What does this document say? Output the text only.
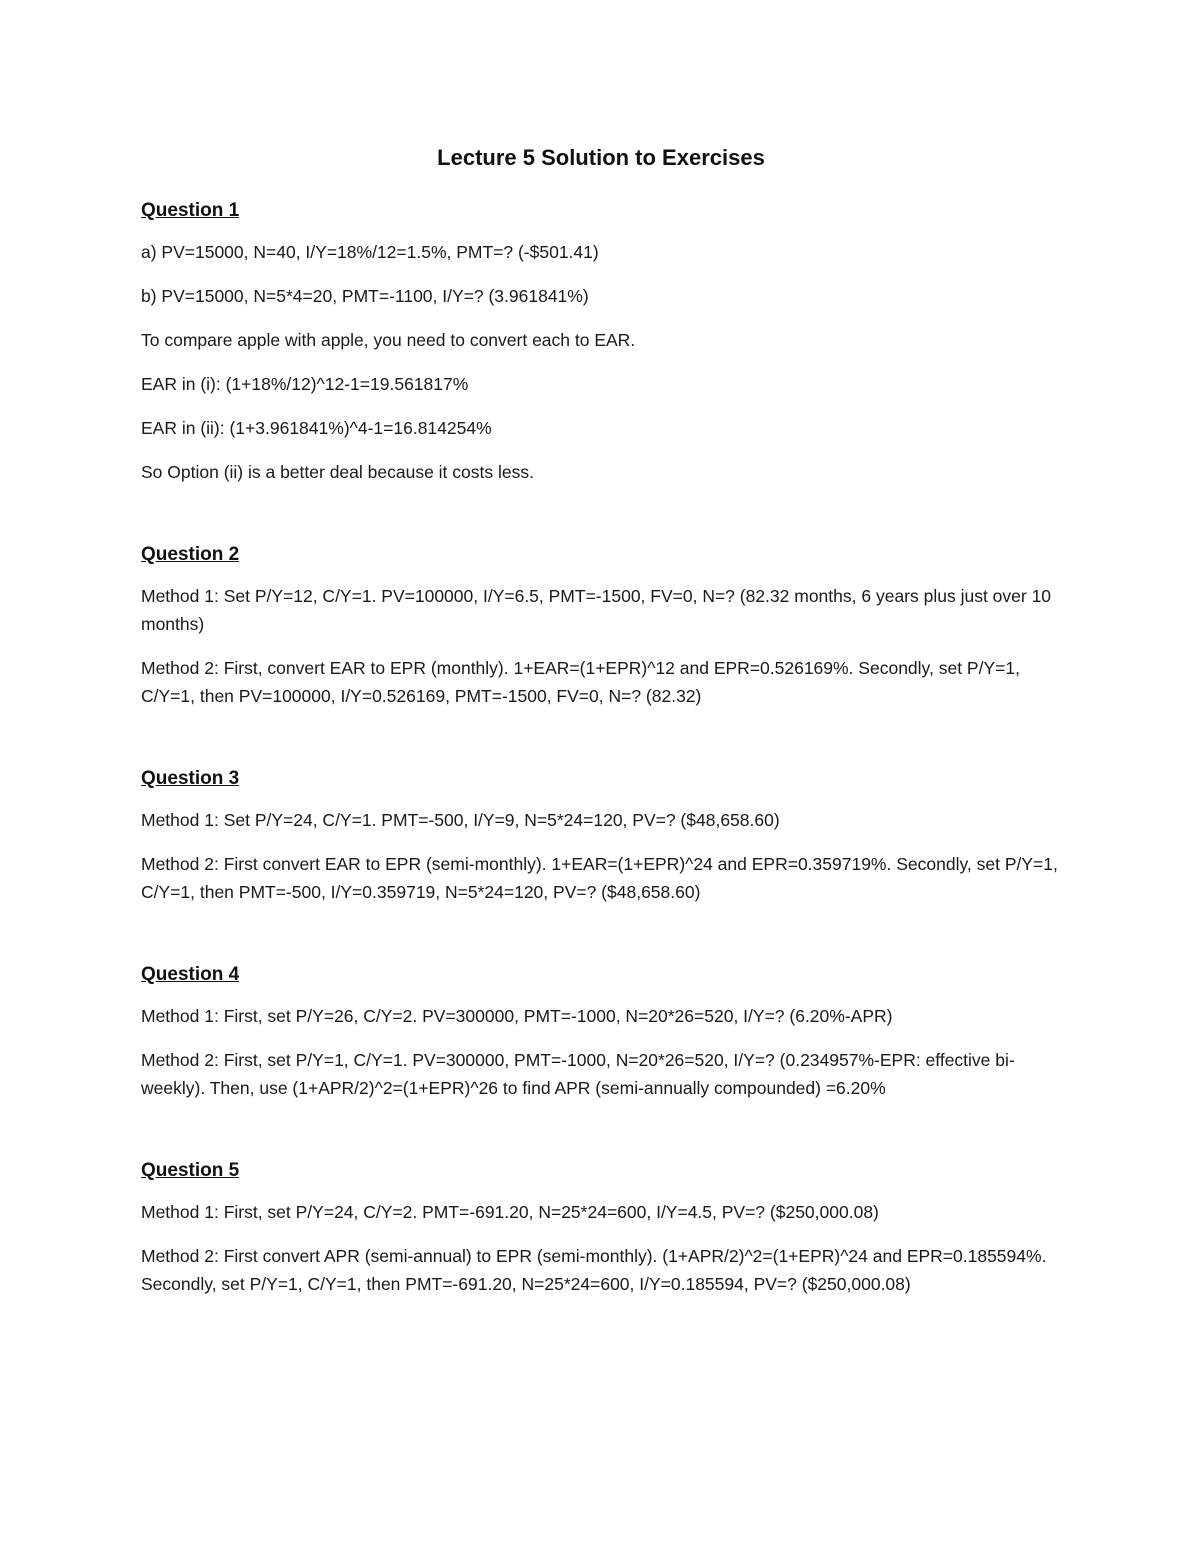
Lecture 5 Solution to Exercises
Question 1

a) PV=15000, N=40, I/Y=18%/12=1.5%, PMT=? (-$501.41)

b) PV=15000, N=5*4=20, PMT=-1100, I/Y=? (3.961841%)

To compare apple with apple, you need to convert each to EAR.

EAR in (i): (1+18%/12)^12-1=19.561817%

EAR in (ii): (1+3.961841%)^4-1=16.814254%

So Option (ii) is a better deal because it costs less.

Question 2

Method 1: Set P/Y=12, C/Y=1. PV=100000, I/Y=6.5, PMT=-1500, FV=0, N=? (82.32 months, 6 years plus just over 10 months)

Method 2: First, convert EAR to EPR (monthly). 1+EAR=(1+EPR)^12 and EPR=0.526169%. Secondly, set P/Y=1, C/Y=1, then PV=100000, I/Y=0.526169, PMT=-1500, FV=0, N=? (82.32)

Question 3

Method 1: Set P/Y=24, C/Y=1. PMT=-500, I/Y=9, N=5*24=120, PV=? ($48,658.60)

Method 2: First convert EAR to EPR (semi-monthly). 1+EAR=(1+EPR)^24 and EPR=0.359719%. Secondly, set P/Y=1, C/Y=1, then PMT=-500, I/Y=0.359719, N=5*24=120, PV=? ($48,658.60)

Question 4

Method 1: First, set P/Y=26, C/Y=2. PV=300000, PMT=-1000, N=20*26=520, I/Y=? (6.20%-APR)

Method 2: First, set P/Y=1, C/Y=1. PV=300000, PMT=-1000, N=20*26=520, I/Y=? (0.234957%-EPR: effective bi-weekly). Then, use (1+APR/2)^2=(1+EPR)^26 to find APR (semi-annually compounded) =6.20%

Question 5

Method 1: First, set P/Y=24, C/Y=2. PMT=-691.20, N=25*24=600, I/Y=4.5, PV=? ($250,000.08)

Method 2: First convert APR (semi-annual) to EPR (semi-monthly). (1+APR/2)^2=(1+EPR)^24 and EPR=0.185594%. Secondly, set P/Y=1, C/Y=1, then PMT=-691.20, N=25*24=600, I/Y=0.185594, PV=? ($250,000.08)
